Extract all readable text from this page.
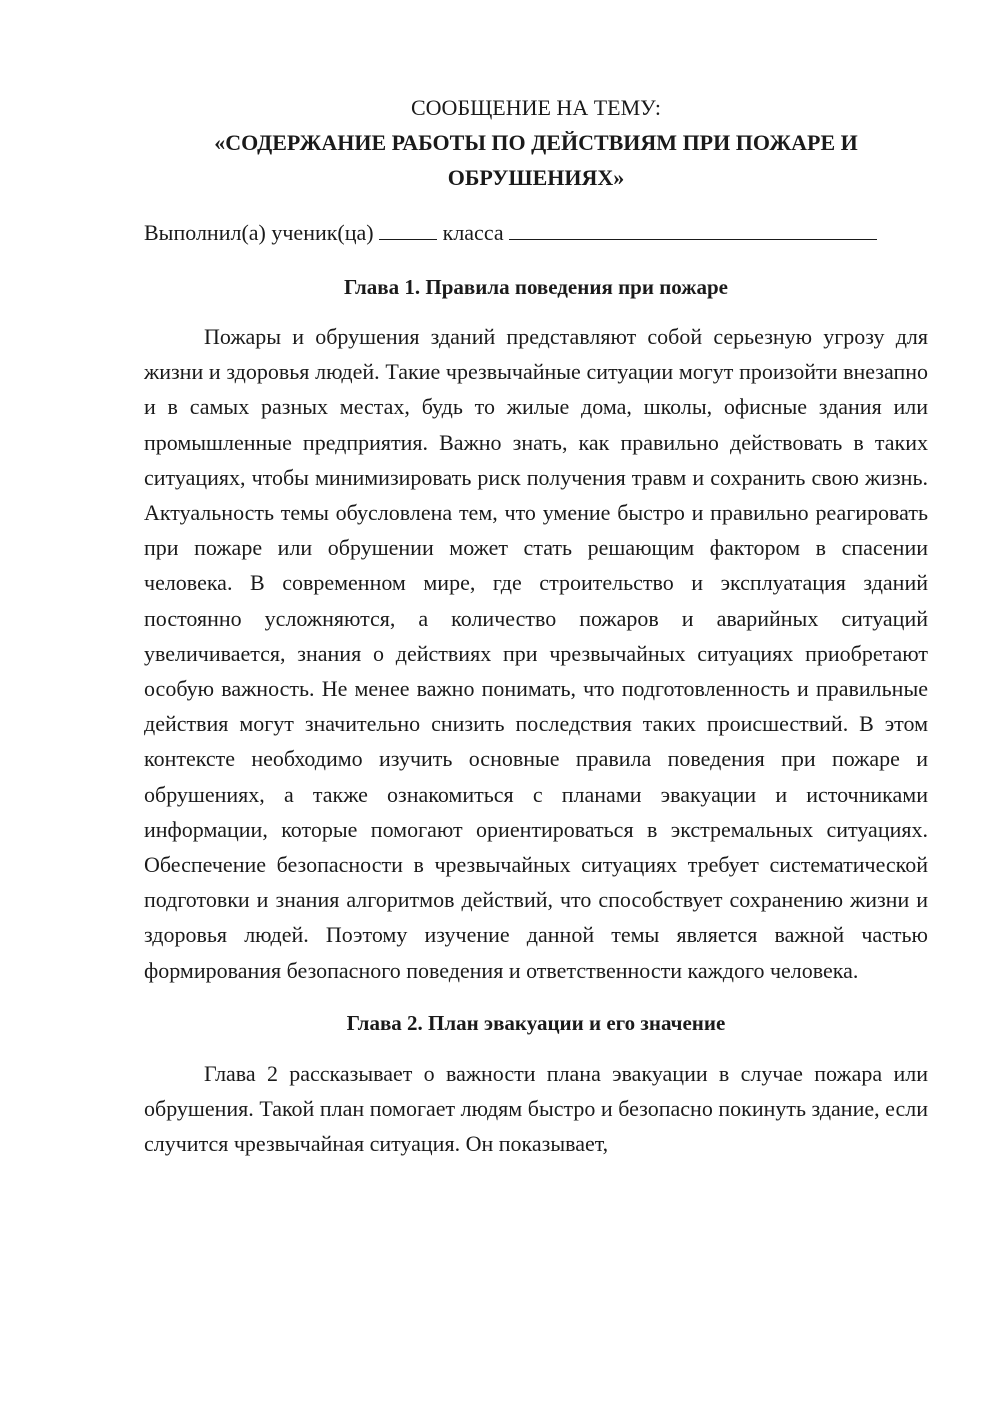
СООБЩЕНИЕ НА ТЕМУ:

«СОДЕРЖАНИЕ РАБОТЫ ПО ДЕЙСТВИЯМ ПРИ ПОЖАРЕ И

ОБРУШЕНИЯХ»

Выполнил(а) ученик(ца)	класса

Глава 1. Правила поведения при пожаре

Пожары и обрушения зданий представляют собой серьезную угрозу для жизни и здоровья людей. Такие чрезвычайные ситуации могут произойти внезапно и в самых разных местах, будь то жилые дома, школы, офисные здания или промышленные предприятия. Важно знать, как правильно действовать в таких ситуациях, чтобы минимизировать риск получения травм и сохранить свою жизнь. Актуальность темы обусловлена тем, что умение быстро и правильно реагировать при пожаре или обрушении может стать решающим фактором в спасении человека. В современном мире, где строительство и эксплуатация зданий постоянно усложняются, а количество пожаров и аварийных ситуаций увеличивается, знания о действиях при чрезвычайных ситуациях приобретают особую важность. Не менее важно понимать, что подготовленность и правильные действия могут значительно снизить последствия таких происшествий. В этом контексте необходимо изучить основные правила поведения при пожаре и обрушениях, а также ознакомиться с планами эвакуации и источниками информации, которые помогают ориентироваться в экстремальных ситуациях. Обеспечение безопасности в чрезвычайных ситуациях требует систематической подготовки и знания алгоритмов действий, что способствует сохранению жизни и здоровья людей. Поэтому изучение данной темы является важной частью формирования безопасного поведения и ответственности каждого человека.

Глава 2. План эвакуации и его значение

Глава 2 рассказывает о важности плана эвакуации в случае пожара или обрушения. Такой план помогает людям быстро и безопасно покинуть здание, если случится чрезвычайная ситуация. Он показывает,
